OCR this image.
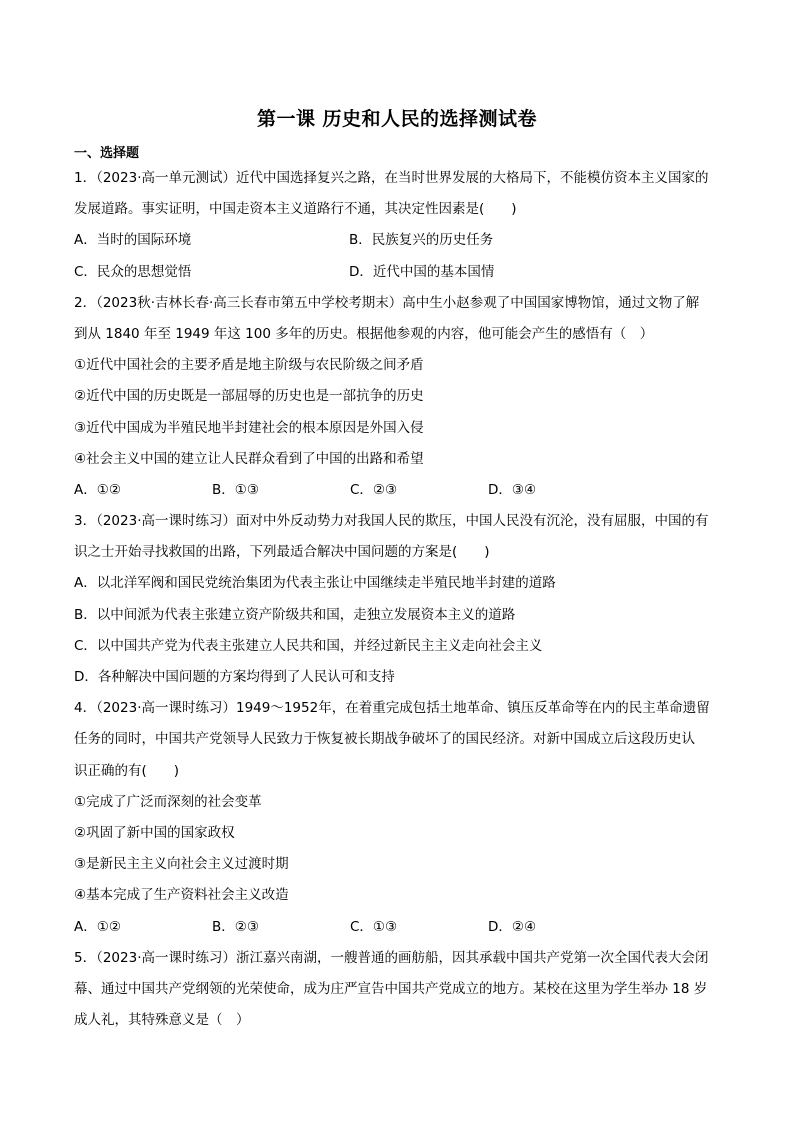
第一课 历史和人民的选择测试卷
一、选择题
1．（2023·高一单元测试）近代中国选择复兴之路，在当时世界发展的大格局下，不能模仿资本主义国家的
发展道路。事实证明，中国走资本主义道路行不通，其决定性因素是(　　)
A．当时的国际环境	B．民族复兴的历史任务
C．民众的思想觉悟	D．近代中国的基本国情
2．（2023秋·吉林长春·高三长春市第五中学校考期末）高中生小赵参观了中国国家博物馆，通过文物了解
到从 1840 年至 1949 年这 100 多年的历史。根据他参观的内容，他可能会产生的感悟有（　）
①近代中国社会的主要矛盾是地主阶级与农民阶级之间矛盾
②近代中国的历史既是一部屈辱的历史也是一部抗争的历史
③近代中国成为半殖民地半封建社会的根本原因是外国入侵
④社会主义中国的建立让人民群众看到了中国的出路和希望
A．①②	B．①③	C．②③	D．③④
3．（2023·高一课时练习）面对中外反动势力对我国人民的欺压，中国人民没有沉沦，没有屈服，中国的有
识之士开始寻找救国的出路，下列最适合解决中国问题的方案是(　　)
A．以北洋军阀和国民党统治集团为代表主张让中国继续走半殖民地半封建的道路
B．以中间派为代表主张建立资产阶级共和国，走独立发展资本主义的道路
C．以中国共产党为代表主张建立人民共和国，并经过新民主主义走向社会主义
D．各种解决中国问题的方案均得到了人民认可和支持
4．（2023·高一课时练习）1949～1952年，在着重完成包括土地革命、镇压反革命等在内的民主革命遗留
任务的同时，中国共产党领导人民致力于恢复被长期战争破坏了的国民经济。对新中国成立后这段历史认
识正确的有(　　)
①完成了广泛而深刻的社会变革
②巩固了新中国的国家政权
③是新民主主义向社会主义过渡时期
④基本完成了生产资料社会主义改造
A．①②	B．②③	C．①③	D．②④
5．（2023·高一课时练习）浙江嘉兴南湖，一艘普通的画舫船，因其承载中国共产党第一次全国代表大会闭
幕、通过中国共产党纲领的光荣使命，成为庄严宣告中国共产党成立的地方。某校在这里为学生举办 18 岁
成人礼，其特殊意义是（　）
